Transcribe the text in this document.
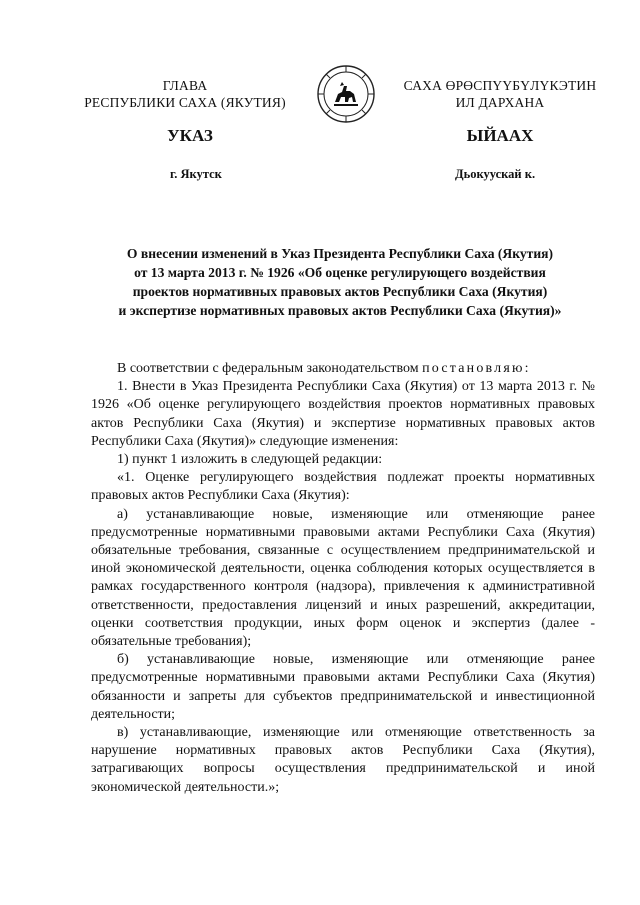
ГЛАВА
РЕСПУБЛИКИ САХА (ЯКУТИЯ)
САХА ӨРӨСПҮҮБҮЛҮКЭТИН
ИЛ ДАРХАНА
УКАЗ	ЫЙААХ
г. Якутск	Дьокуускай к.
О внесении изменений в Указ Президента Республики Саха (Якутия)
от 13 марта 2013 г. № 1926 «Об оценке регулирующего воздействия
проектов нормативных правовых актов Республики Саха (Якутия)
и экспертизе нормативных правовых актов Республики Саха (Якутия)»

В соответствии с федеральным законодательством постановляю:

1. Внести в Указ Президента Республики Саха (Якутия) от 13 марта 2013 г. № 1926 «Об оценке регулирующего воздействия проектов нормативных правовых актов Республики Саха (Якутия) и экспертизе нормативных правовых актов Республики Саха (Якутия)» следующие изменения:

1) пункт 1 изложить в следующей редакции:

«1. Оценке регулирующего воздействия подлежат проекты нормативных правовых актов Республики Саха (Якутия):

а) устанавливающие новые, изменяющие или отменяющие ранее предусмотренные нормативными правовыми актами Республики Саха (Якутия) обязательные требования, связанные с осуществлением предпринимательской и иной экономической деятельности, оценка соблюдения которых осуществляется в рамках государственного контроля (надзора), привлечения к административной ответственности, предоставления лицензий и иных разрешений, аккредитации, оценки соответствия продукции, иных форм оценок и экспертиз (далее - обязательные требования);

б) устанавливающие новые, изменяющие или отменяющие ранее предусмотренные нормативными правовыми актами Республики Саха (Якутия) обязанности и запреты для субъектов предпринимательской и инвестиционной деятельности;

в) устанавливающие, изменяющие или отменяющие ответственность за нарушение нормативных правовых актов Республики Саха (Якутия), затрагивающих вопросы осуществления предпринимательской и иной экономической деятельности.»;
